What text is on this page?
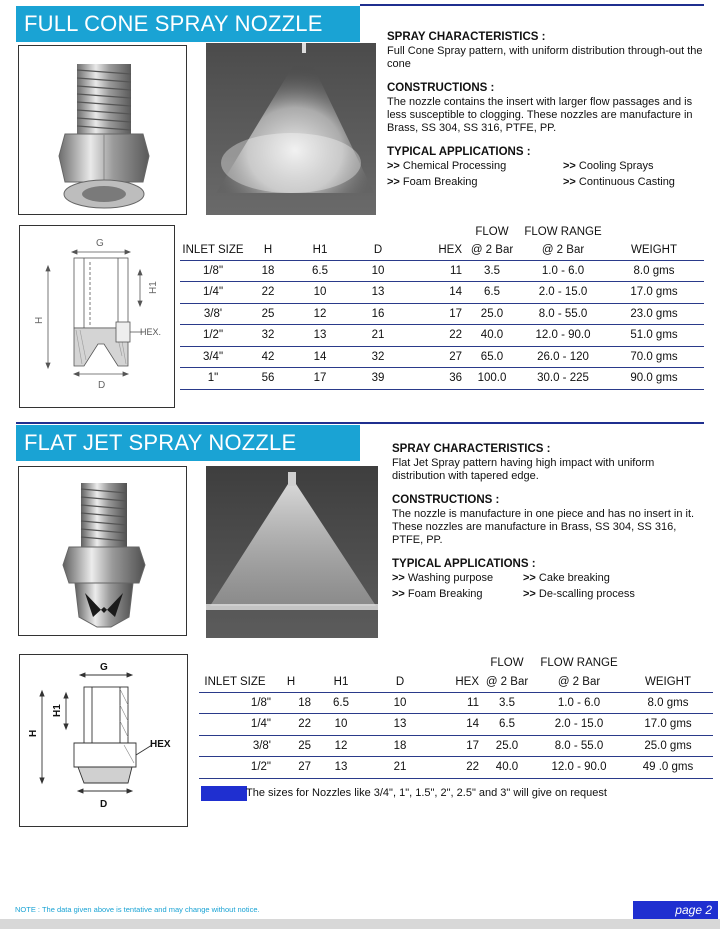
FULL CONE SPRAY NOZZLE
SPRAY CHARACTERISTICS :

Full Cone Spray pattern, with uniform distribution through-out the cone

CONSTRUCTIONS :

The nozzle contains the insert with larger flow passages and is less susceptible to clogging. These nozzles are manufacture in Brass, SS 304, SS 316, PTFE, PP.

TYPICAL APPLICATIONS :
>> Chemical Processing	>> Cooling Sprays
>> Foam Breaking	>> Continuous Casting
G
HEX.
H
H1
D
					FLOW	FLOW RANGE	
INLET SIZE	H	H1	D	HEX	@ 2 Bar	@ 2 Bar	WEIGHT
1/8"	18	6.5	10	11	3.5	1.0 - 6.0	8.0 gms
1/4"	22	10	13	14	6.5	2.0 - 15.0	17.0 gms
3/8'	25	12	16	17	25.0	8.0 - 55.0	23.0 gms
1/2"	32	13	21	22	40.0	12.0 - 90.0	51.0 gms
3/4"	42	14	32	27	65.0	26.0 - 120	70.0 gms
1"	56	17	39	36	100.0	30.0 - 225	90.0 gms
FLAT JET SPRAY NOZZLE	SPRAY CHARACTERISTICS :

Flat Jet Spray pattern having high impact with uniform distribution with tapered edge.

CONSTRUCTIONS :

The nozzle is manufacture in one piece and has no insert in it. These nozzles are manufacture in Brass, SS 304, SS 316, PTFE, PP.

TYPICAL APPLICATIONS :
>> Washing purpose	>> Cake breaking
>> Foam Breaking	>> De-scalling process
G
HEX
H
H1
D
					FLOW	FLOW RANGE	
INLET SIZE	H	H1	D	HEX	@ 2 Bar	@ 2 Bar	WEIGHT
1/8"	18	6.5	10	11	3.5	1.0 - 6.0	8.0 gms
1/4"	22	10	13	14	6.5	2.0 - 15.0	17.0 gms
3/8'	25	12	18	17	25.0	8.0 - 55.0	25.0 gms
1/2"	27	13	21	22	40.0	12.0 - 90.0	49 .0 gms
The sizes for Nozzles like 3/4", 1", 1.5", 2", 2.5" and 3" will give on request
NOTE : The data given above is tentative and may change without notice.	page 2
